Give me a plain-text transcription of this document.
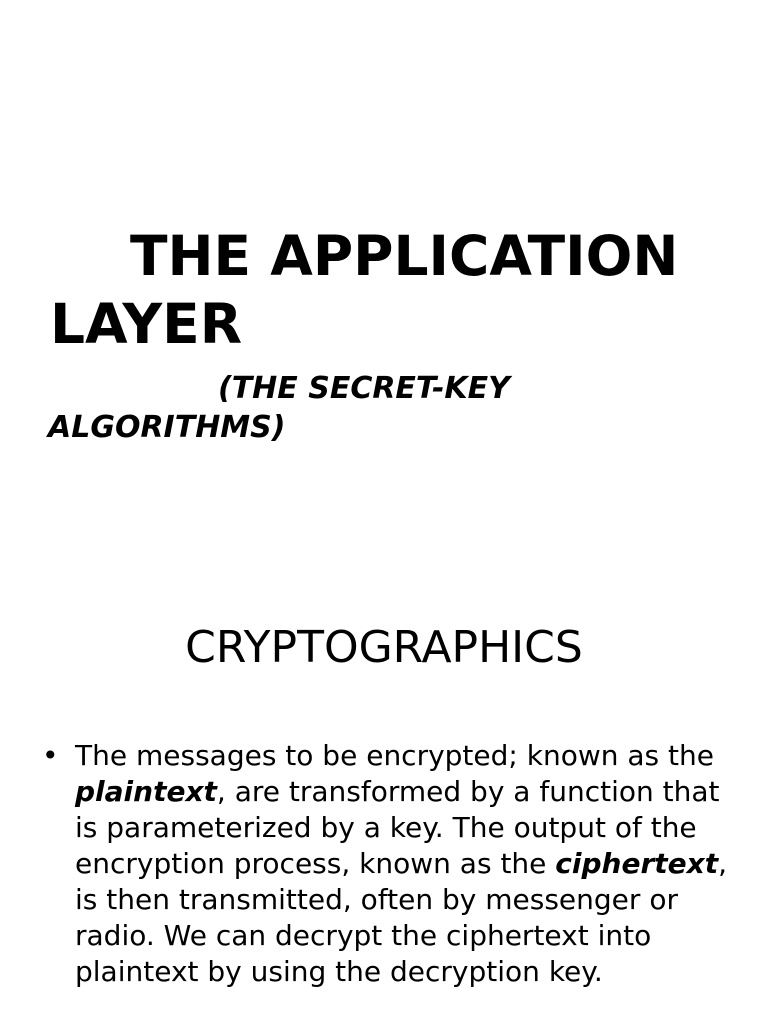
THE APPLICATION
LAYER
(THE SECRET-KEY
ALGORITHMS)
CRYPTOGRAPHICS
• The messages to be encrypted; known as the plaintext, are transformed by a function that is parameterized by a key. The output of the encryption process, known as the ciphertext, is then transmitted, often by messenger or radio. We can decrypt the ciphertext into plaintext by using the decryption key.
